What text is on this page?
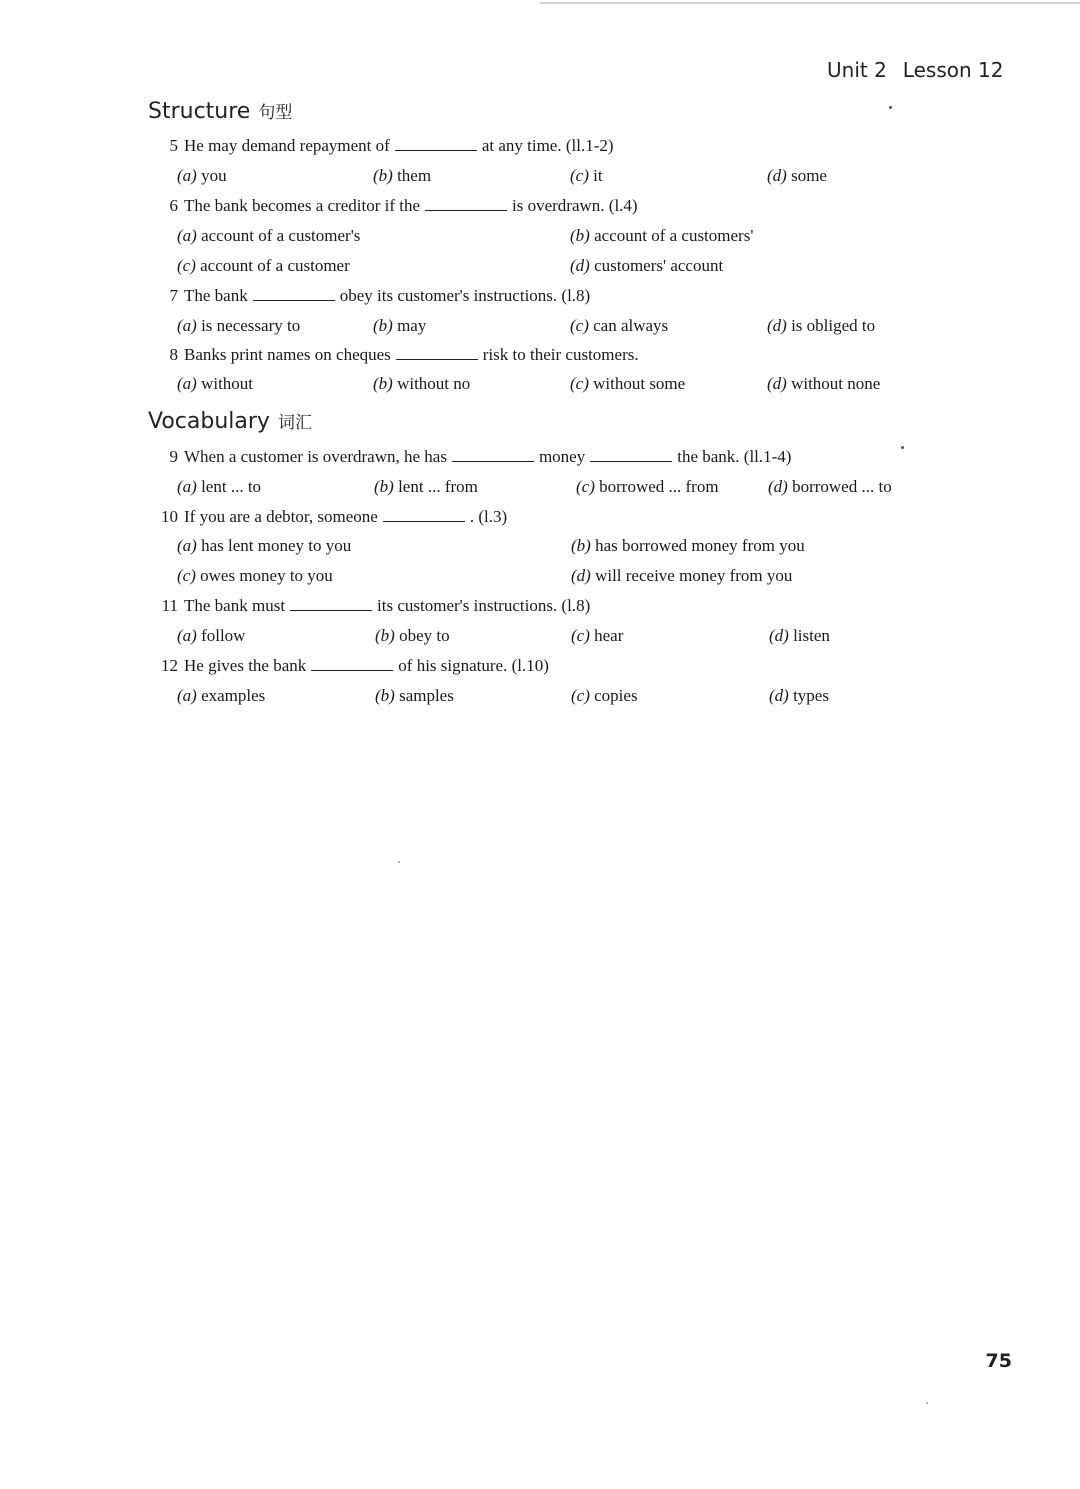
Unit 2 Lesson 12
Structure 句型
5 He may demand repayment of	at any time. (ll.1-2)
(a) you	(b) them	(c) it	(d) some
6 The bank becomes a creditor if the	is overdrawn. (l.4)
(a) account of a customer's	(b) account of a customers'
(c) account of a customer	(d) customers' account
7 The bank	obey its customer's instructions. (l.8)
(a) is necessary to	(b) may	(c) can always	(d) is obliged to
8 Banks print names on cheques	risk to their customers.
(a) without	(b) without no	(c) without some	(d) without none
Vocabulary 词汇
9 When a customer is overdrawn, he has	money	the bank. (ll.1-4)
(a) lent ... to	(b) lent ... from	(c) borrowed ... from	(d) borrowed ... to
10 If you are a debtor, someone	. (l.3)
(a) has lent money to you	(b) has borrowed money from you
(c) owes money to you	(d) will receive money from you
11 The bank must	its customer's instructions. (l.8)
(a) follow	(b) obey to	(c) hear	(d) listen
12 He gives the bank	of his signature. (l.10)
(a) examples	(b) samples	(c) copies	(d) types
75
